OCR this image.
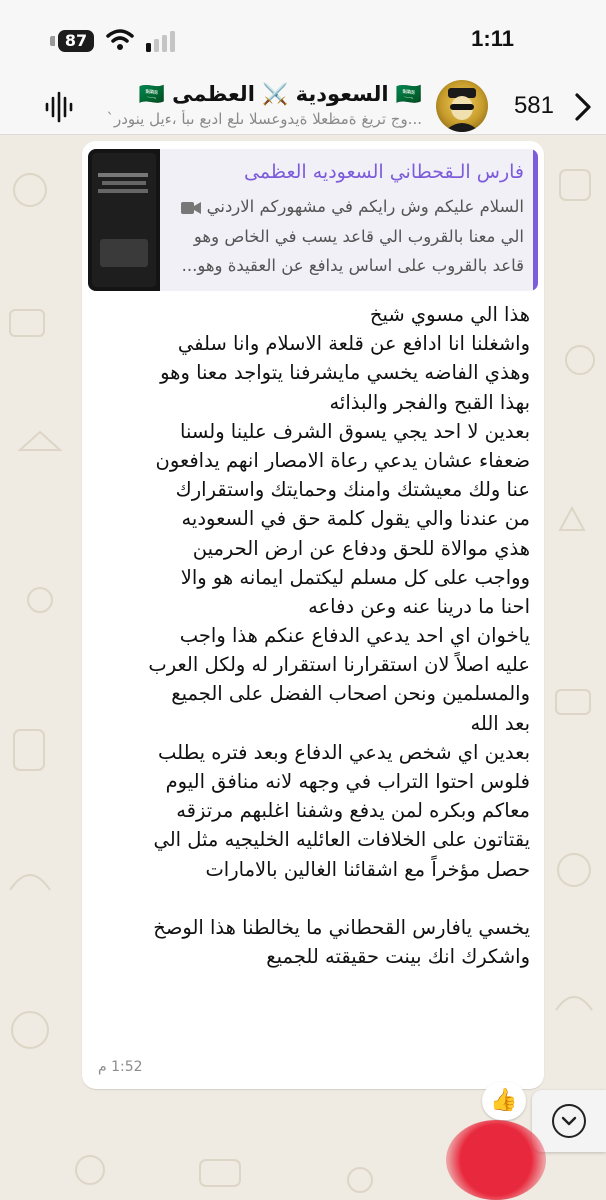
87	1:11
🇸🇦 السعودية ⚔️ العظمى 🇸🇦
...وج تريغ ةمظعلا ةيدوعسلا ىلع ادبع ىبأ ،ءيل ينودر`	581
فارس الـقحطاني السعوديه العظمى
السلام عليكم وش رايكم في مشهوركم الاردني
الي معنا بالقروب الي قاعد يسب في الخاص وهو
قاعد بالقروب على اساس يدافع عن العقيدة وهو...
هذا الي مسوي شيخ
واشغلنا انا ادافع عن قلعة الاسلام وانا سلفي
وهذي الفاضه يخسي مايشرفنا يتواجد معنا وهو
بهذا القبح والفجر والبذائه
بعدين لا احد يجي يسوق الشرف علينا ولسنا
ضعفاء عشان يدعي رعاة الامصار انهم يدافعون
عنا ولك معيشتك وامنك وحمايتك واستقرارك
من عندنا والي يقول كلمة حق في السعوديه
هذي موالاة للحق ودفاع عن ارض الحرمين
وواجب على كل مسلم ليكتمل ايمانه هو والا
احنا ما درينا عنه وعن دفاعه
ياخوان اي احد يدعي الدفاع عنكم هذا واجب
عليه اصلاً لان استقرارنا استقرار له ولكل العرب
والمسلمين ونحن اصحاب الفضل على الجميع
بعد الله
بعدين اي شخص يدعي الدفاع وبعد فتره يطلب
فلوس احتوا التراب في وجهه لانه منافق اليوم
معاكم وبكره لمن يدفع وشفنا اغلبهم مرتزقه
يقتاتون على الخلافات العائليه الخليجيه مثل الي
حصل مؤخراً مع اشقائنا الغالين بالامارات
يخسي يافارس القحطاني ما يخالطنا هذا الوصخ
واشكرك انك بينت حقيقته للجميع
1:52 م
👍
